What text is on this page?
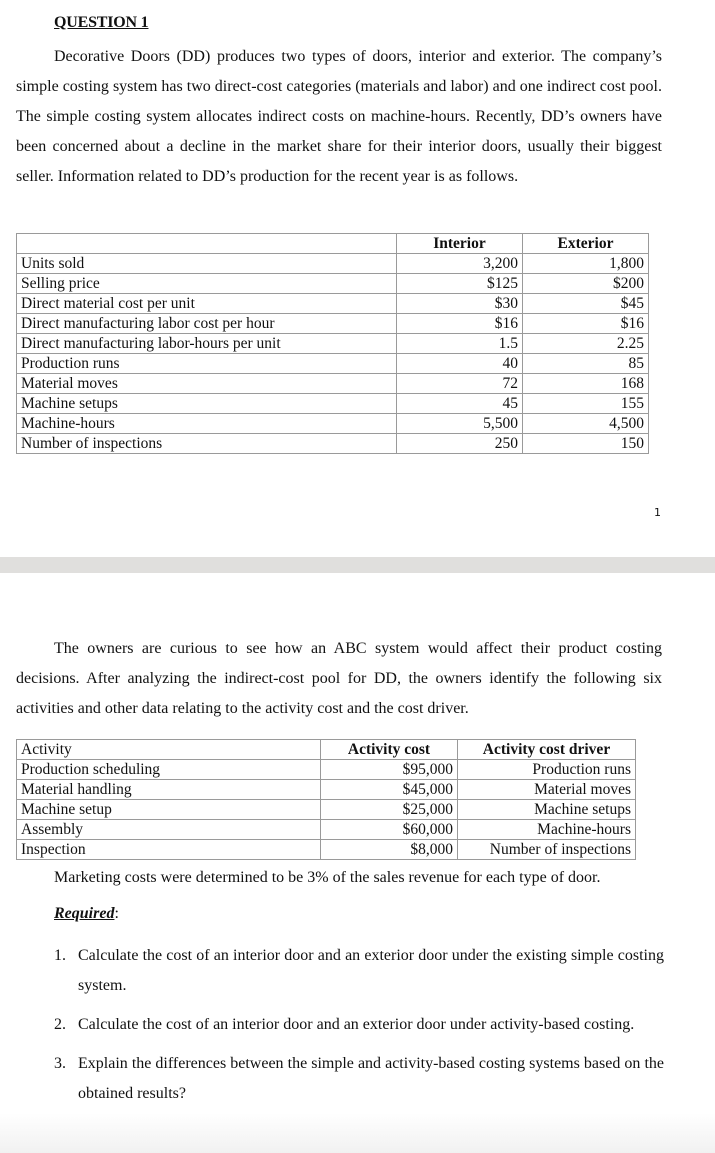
QUESTION 1

Decorative Doors (DD) produces two types of doors, interior and exterior. The company’s simple costing system has two direct-cost categories (materials and labor) and one indirect cost pool. The simple costing system allocates indirect costs on machine-hours. Recently, DD’s owners have been concerned about a decline in the market share for their interior doors, usually their biggest seller. Information related to DD’s production for the recent year is as follows.

	Interior	Exterior
Units sold	3,200	1,800
Selling price	$125	$200
Direct material cost per unit	$30	$45
Direct manufacturing labor cost per hour	$16	$16
Direct manufacturing labor-hours per unit	1.5	2.25
Production runs	40	85
Material moves	72	168
Machine setups	45	155
Machine-hours	5,500	4,500
Number of inspections	250	150
1

The owners are curious to see how an ABC system would affect their product costing decisions. After analyzing the indirect-cost pool for DD, the owners identify the following six activities and other data relating to the activity cost and the cost driver.

Activity	Activity cost	Activity cost driver
Production scheduling	$95,000	Production runs
Material handling	$45,000	Material moves
Machine setup	$25,000	Machine setups
Assembly	$60,000	Machine-hours
Inspection	$8,000	Number of inspections
Marketing costs were determined to be 3% of the sales revenue for each type of door.
Required:
1. Calculate the cost of an interior door and an exterior door under the existing simple costing system.
2. Calculate the cost of an interior door and an exterior door under activity-based costing.
3. Explain the differences between the simple and activity-based costing systems based on the obtained results?
